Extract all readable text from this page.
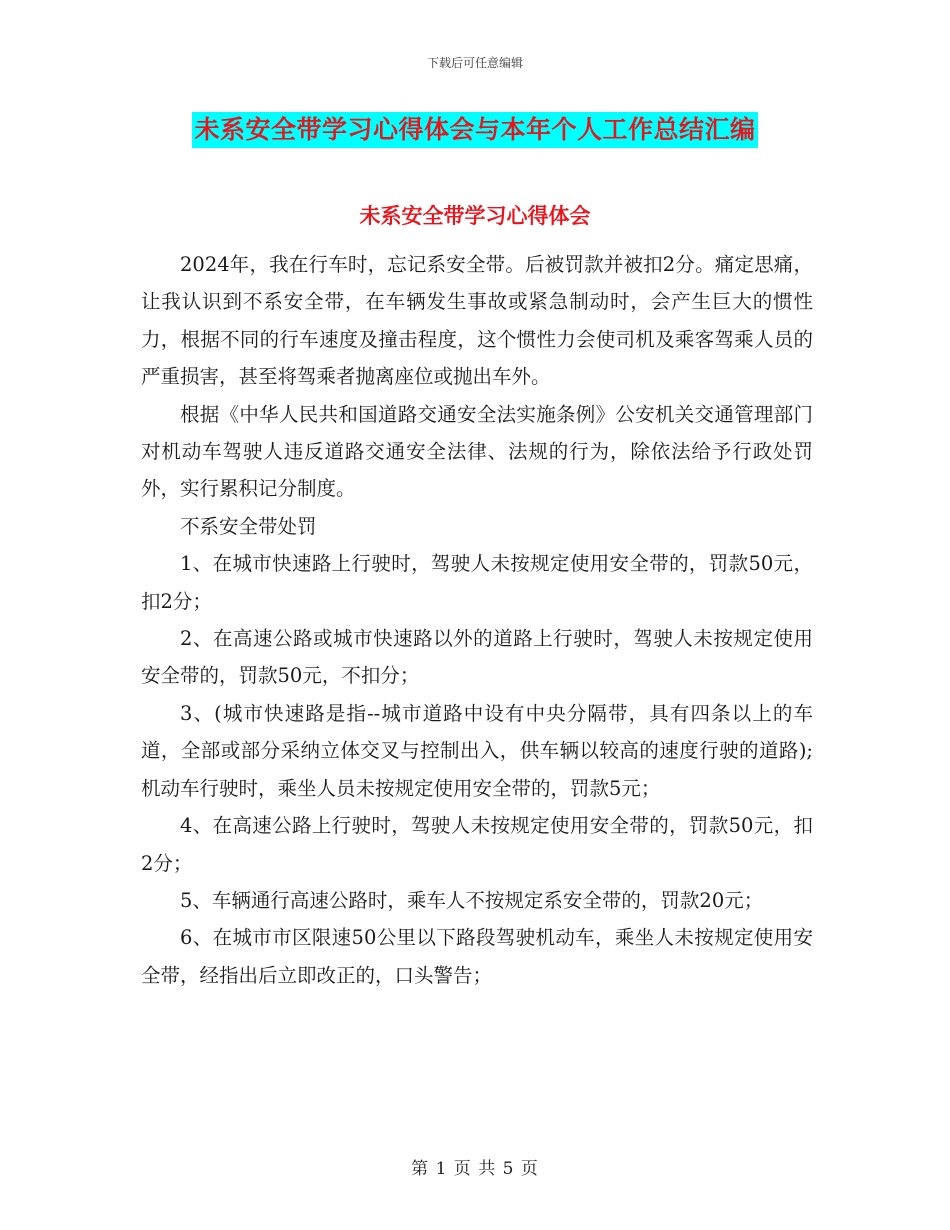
下载后可任意编辑
未系安全带学习心得体会与本年个人工作总结汇编
未系安全带学习心得体会

2024年，我在行车时，忘记系安全带。后被罚款并被扣2分。痛定思痛，让我认识到不系安全带，在车辆发生事故或紧急制动时，会产生巨大的惯性力，根据不同的行车速度及撞击程度，这个惯性力会使司机及乘客驾乘人员的严重损害，甚至将驾乘者抛离座位或抛出车外。

根据《中华人民共和国道路交通安全法实施条例》公安机关交通管理部门对机动车驾驶人违反道路交通安全法律、法规的行为，除依法给予行政处罚外，实行累积记分制度。

不系安全带处罚

1、在城市快速路上行驶时，驾驶人未按规定使用安全带的，罚款50元，扣2分；

2、在高速公路或城市快速路以外的道路上行驶时，驾驶人未按规定使用安全带的，罚款50元，不扣分；

3、(城市快速路是指--城市道路中设有中央分隔带，具有四条以上的车道，全部或部分采纳立体交叉与控制出入，供车辆以较高的速度行驶的道路);机动车行驶时，乘坐人员未按规定使用安全带的，罚款5元；

4、在高速公路上行驶时，驾驶人未按规定使用安全带的，罚款50元，扣2分；

5、车辆通行高速公路时，乘车人不按规定系安全带的，罚款20元；

6、在城市市区限速50公里以下路段驾驶机动车，乘坐人未按规定使用安全带，经指出后立即改正的，口头警告；

第 1 页 共 5 页
